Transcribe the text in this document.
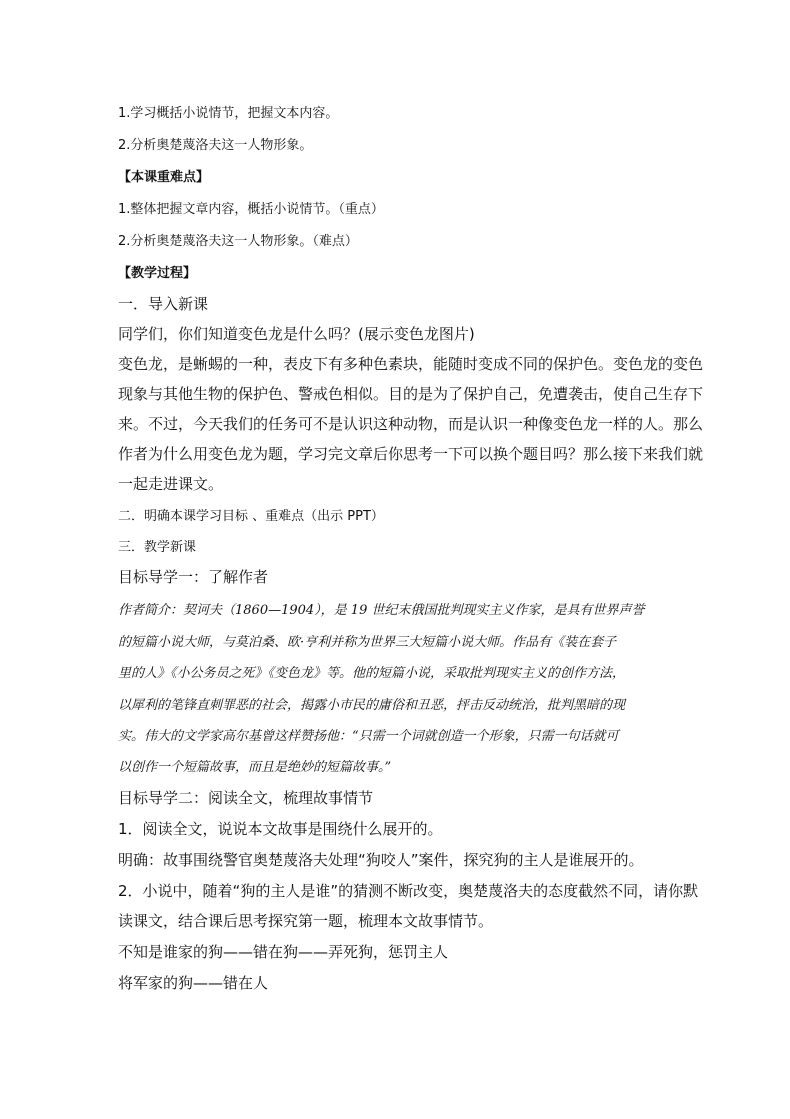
1.学习概括小说情节，把握文本内容。
2.分析奥楚蔑洛夫这一人物形象。
【本课重难点】
1.整体把握文章内容，概括小说情节。（重点）
2.分析奥楚蔑洛夫这一人物形象。（难点）
【教学过程】
一．导入新课
同学们，你们知道变色龙是什么吗？(展示变色龙图片)
变色龙，是蜥蜴的一种，表皮下有多种色素块，能随时变成不同的保护色。变色龙的变色
现象与其他生物的保护色、警戒色相似。目的是为了保护自己，免遭袭击，使自己生存下
来。不过，今天我们的任务可不是认识这种动物，而是认识一种像变色龙一样的人。那么
作者为什么用变色龙为题，学习完文章后你思考一下可以换个题目吗？那么接下来我们就
一起走进课文。
二．明确本课学习目标 、重难点（出示 PPT）
三．教学新课
目标导学一：了解作者
作者简介：契诃夫（1860—1904），是 19 世纪末俄国批判现实主义作家，是具有世界声誉
的短篇小说大师，与莫泊桑、欧·亨利并称为世界三大短篇小说大师。作品有《装在套子
里的人》《小公务员之死》《变色龙》等。他的短篇小说，采取批判现实主义的创作方法，
以犀利的笔锋直刺罪恶的社会，揭露小市民的庸俗和丑恶，抨击反动统治，批判黑暗的现
实。伟大的文学家高尔基曾这样赞扬他：“只需一个词就创造一个形象，只需一句话就可
以创作一个短篇故事，而且是绝妙的短篇故事。”
目标导学二：阅读全文，梳理故事情节
1．阅读全文，说说本文故事是围绕什么展开的。
明确：故事围绕警官奥楚蔑洛夫处理“狗咬人”案件，探究狗的主人是谁展开的。
2．小说中，随着“狗的主人是谁”的猜测不断改变，奥楚蔑洛夫的态度截然不同，请你默
读课文，结合课后思考探究第一题，梳理本文故事情节。
不知是谁家的狗——错在狗——弄死狗，惩罚主人
将军家的狗——错在人
